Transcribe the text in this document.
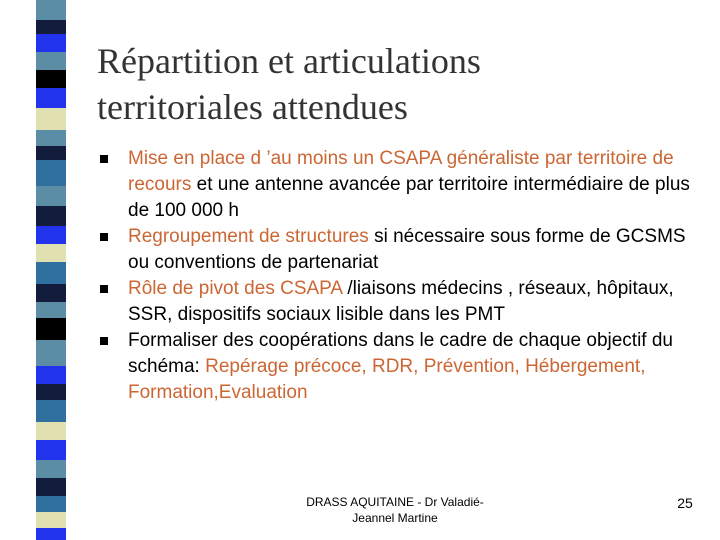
Répartition et articulations
territoriales attendues
Mise en place d ’au moins un CSAPA généraliste par territoire de recours et une antenne avancée par territoire intermédiaire de plus de 100 000 h
Regroupement de structures si nécessaire sous forme de GCSMS ou conventions de partenariat
Rôle de pivot des CSAPA /liaisons médecins , réseaux, hôpitaux, SSR, dispositifs sociaux lisible dans les PMT
Formaliser des coopérations dans le cadre de chaque objectif du schéma: Repérage précoce, RDR, Prévention, Hébergement, Formation,Evaluation
DRASS AQUITAINE - Dr Valadié-
Jeannel Martine
25
